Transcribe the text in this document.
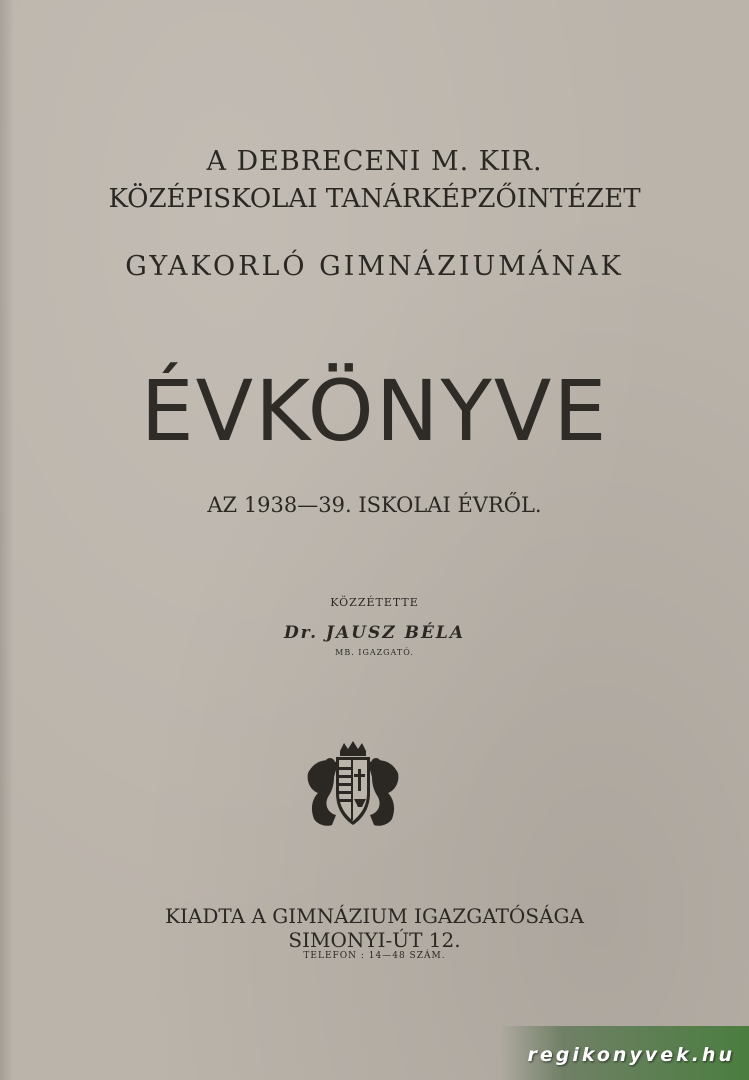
A DEBRECENI M. KIR.
KÖZÉPISKOLAI TANÁRKÉPZŐINTÉZET
GYAKORLÓ GIMNÁZIUMÁNAK
ÉVKÖNYVE
AZ 1938—39. ISKOLAI ÉVRŐL.
KÖZZÉTETTE
Dr. JAUSZ BÉLA
MB. IGAZGATÓ.
KIADTA A GIMNÁZIUM IGAZGATÓSÁGA
SIMONYI-ÚT 12.
TELEFON : 14—48 SZÁM.
regikonyvek.hu
